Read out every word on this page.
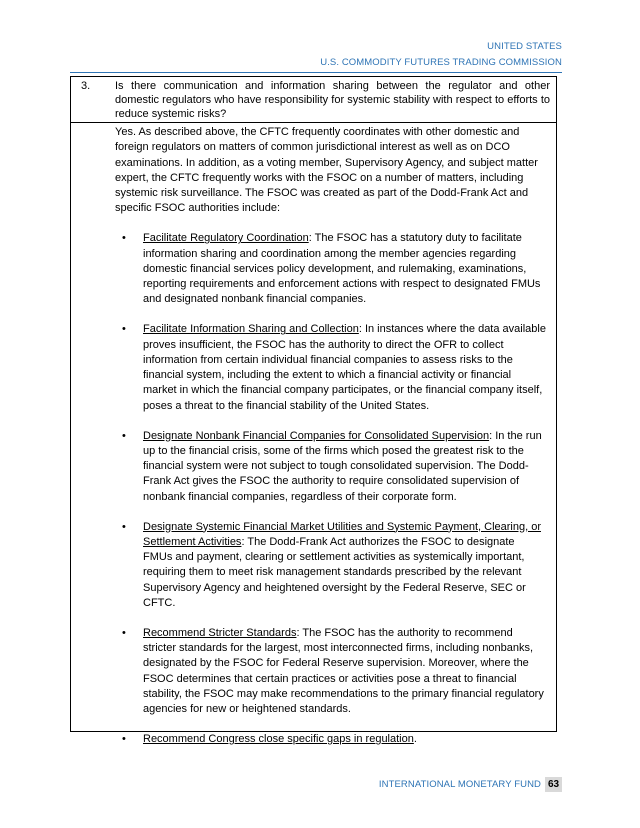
UNITED STATES
U.S. COMMODITY FUTURES TRADING COMMISSION
3. Is there communication and information sharing between the regulator and other domestic regulators who have responsibility for systemic stability with respect to efforts to reduce systemic risks?

Yes. As described above, the CFTC frequently coordinates with other domestic and foreign regulators on matters of common jurisdictional interest as well as on DCO examinations. In addition, as a voting member, Supervisory Agency, and subject matter expert, the CFTC frequently works with the FSOC on a number of matters, including systemic risk surveillance. The FSOC was created as part of the Dodd-Frank Act and specific FSOC authorities include:

• Facilitate Regulatory Coordination: The FSOC has a statutory duty to facilitate information sharing and coordination among the member agencies regarding domestic financial services policy development, and rulemaking, examinations, reporting requirements and enforcement actions with respect to designated FMUs and designated nonbank financial companies.
• Facilitate Information Sharing and Collection: In instances where the data available proves insufficient, the FSOC has the authority to direct the OFR to collect information from certain individual financial companies to assess risks to the financial system, including the extent to which a financial activity or financial market in which the financial company participates, or the financial company itself, poses a threat to the financial stability of the United States.
• Designate Nonbank Financial Companies for Consolidated Supervision: In the run up to the financial crisis, some of the firms which posed the greatest risk to the financial system were not subject to tough consolidated supervision. The Dodd-Frank Act gives the FSOC the authority to require consolidated supervision of nonbank financial companies, regardless of their corporate form.
• Designate Systemic Financial Market Utilities and Systemic Payment, Clearing, or Settlement Activities: The Dodd-Frank Act authorizes the FSOC to designate FMUs and payment, clearing or settlement activities as systemically important, requiring them to meet risk management standards prescribed by the relevant Supervisory Agency and heightened oversight by the Federal Reserve, SEC or CFTC.
• Recommend Stricter Standards: The FSOC has the authority to recommend stricter standards for the largest, most interconnected firms, including nonbanks, designated by the FSOC for Federal Reserve supervision. Moreover, where the FSOC determines that certain practices or activities pose a threat to financial stability, the FSOC may make recommendations to the primary financial regulatory agencies for new or heightened standards.
• Recommend Congress close specific gaps in regulation.
INTERNATIONAL MONETARY FUND 63
